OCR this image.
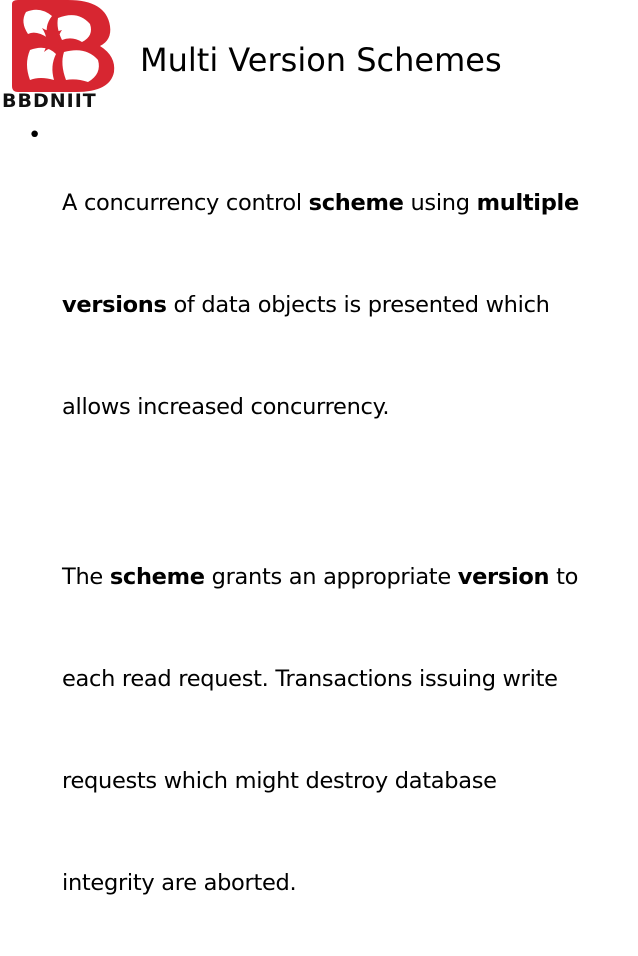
BBDNIIT
Multi Version Schemes
•

A concurrency control scheme using multiple

versions of data objects is presented which

allows increased concurrency.

The scheme grants an appropriate version to

each read request. Transactions issuing write

requests which might destroy database

integrity are aborted.
